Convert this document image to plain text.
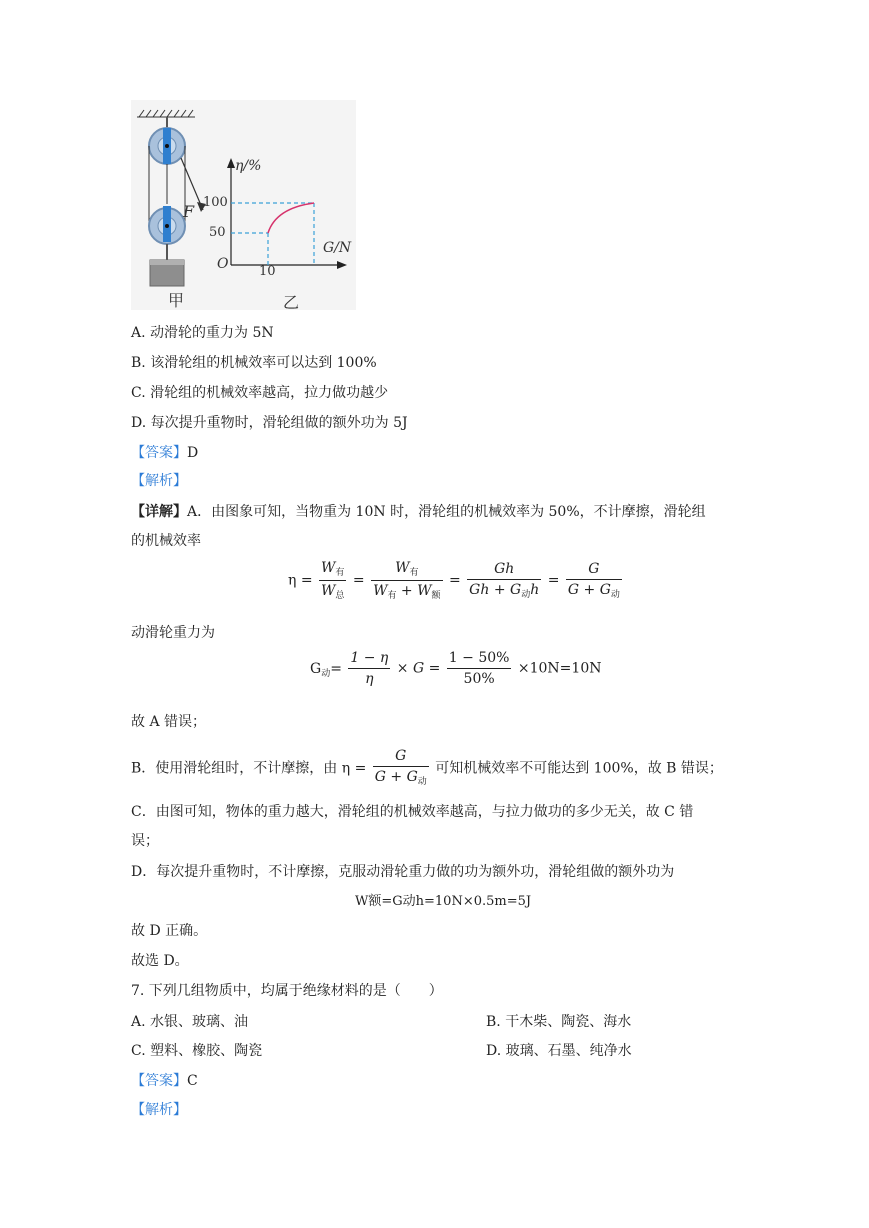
甲	乙
F
η/%
G/N
O
100
50
10
A. 动滑轮的重力为 5N
B. 该滑轮组的机械效率可以达到 100%
C. 滑轮组的机械效率越高，拉力做功越少
D. 每次提升重物时，滑轮组做的额外功为 5J
【答案】D
【解析】
【详解】A．由图象可知，当物重为 10N 时，滑轮组的机械效率为 50%，不计摩擦，滑轮组
的机械效率
$\eta = \frac{W_有}{W_总} = \frac{W_有}{W_有 + W_额} = \frac{Gh}{Gh + G_动h} = \frac{G}{G + G_动}$
动滑轮重力为
$G_动= \frac{1 - \eta}{\eta} \times G = \frac{1 - 50\%}{50\%} \times 10N=10N$
故 A 错误；
B．使用滑轮组时，不计摩擦，由 $\eta = \frac{G}{G + G_动}$ 可知机械效率不可能达到 100%，故 B 错误；
C．由图可知，物体的重力越大，滑轮组的机械效率越高，与拉力做功的多少无关，故 C 错
误；
D．每次提升重物时，不计摩擦，克服动滑轮重力做的功为额外功，滑轮组做的额外功为
W额=G动h=10N×0.5m=5J
故 D 正确。
故选 D。
7. 下列几组物质中，均属于绝缘材料的是（　　）
A. 水银、玻璃、油	B. 干木柴、陶瓷、海水
C. 塑料、橡胶、陶瓷	D. 玻璃、石墨、纯净水
【答案】C
【解析】
